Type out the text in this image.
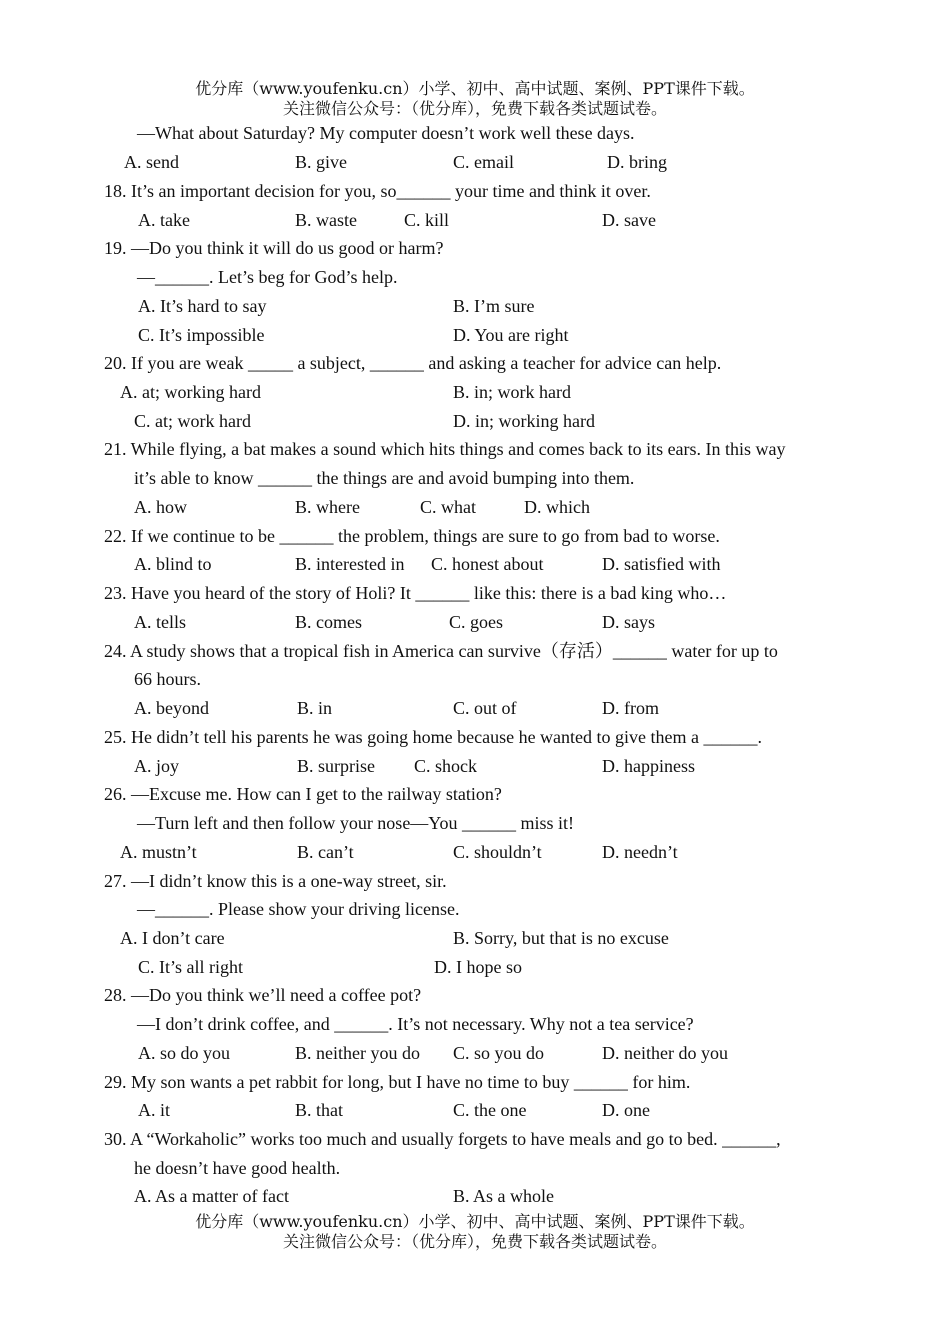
优分库（www.youfenku.cn）小学、初中、高中试题、案例、PPT课件下载。
关注微信公众号：（优分库），免费下载各类试题试卷。
—What about Saturday? My computer doesn’t work well these days.
A. send	B. give	C. email	D. bring
18. It’s an important decision for you, so______ your time and think it over.
A. take	B. waste	C. kill	D. save
19. —Do you think it will do us good or harm?
—______. Let’s beg for God’s help.
A. It’s hard to say	B. I’m sure
C. It’s impossible	D. You are right
20. If you are weak _____ a subject, ______ and asking a teacher for advice can help.
A. at; working hard	B. in; work hard
C. at; work hard	D. in; working hard
21. While flying, a bat makes a sound which hits things and comes back to its ears. In this way
it’s able to know ______ the things are and avoid bumping into them.
A. how	B. where	C. what	D. which
22. If we continue to be ______ the problem, things are sure to go from bad to worse.
A. blind to	B. interested in C. honest about	D. satisfied with
23. Have you heard of the story of Holi? It ______ like this: there is a bad king who…
A. tells	B. comes	C. goes	D. says
24. A study shows that a tropical fish in America can survive（存活）______ water for up to
66 hours.
A. beyond	B. in	C. out of	D. from
25. He didn’t tell his parents he was going home because he wanted to give them a ______.
A. joy	B. surprise C. shock	D. happiness
26. —Excuse me. How can I get to the railway station?
—Turn left and then follow your nose—You ______ miss it!
A. mustn’t	B. can’t	C. shouldn’t	D. needn’t
27. —I didn’t know this is a one-way street, sir.
—______. Please show your driving license.
A. I don’t care	B. Sorry, but that is no excuse
C. It’s all right	D. I hope so
28. —Do you think we’ll need a coffee pot?
—I don’t drink coffee, and ______. It’s not necessary. Why not a tea service?
A. so do you	B. neither you do C. so you do	D. neither do you
29. My son wants a pet rabbit for long, but I have no time to buy ______ for him.
A. it	B. that	C. the one	D. one
30. A “Workaholic” works too much and usually forgets to have meals and go to bed. ______,
he doesn’t have good health.
A. As a matter of fact	B. As a whole
优分库（www.youfenku.cn）小学、初中、高中试题、案例、PPT课件下载。
关注微信公众号：（优分库），免费下载各类试题试卷。
